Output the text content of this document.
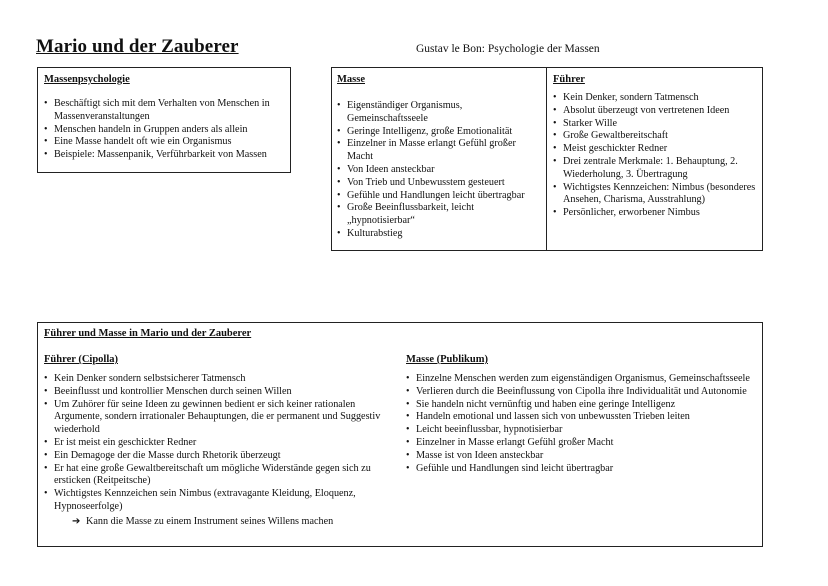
Mario und der Zauberer	Gustav le Bon: Psychologie der Massen
Massenpsychologie
• Beschäftigt sich mit dem Verhalten von Menschen in Massenveranstaltungen
• Menschen handeln in Gruppen anders als allein
• Eine Masse handelt oft wie ein Organismus
• Beispiele: Massenpanik, Verführbarkeit von Massen
Masse
• Eigenständiger Organismus, Gemeinschaftsseele
• Geringe Intelligenz, große Emotionalität
• Einzelner in Masse erlangt Gefühl großer Macht
• Von Ideen ansteckbar
• Von Trieb und Unbewusstem gesteuert
• Gefühle und Handlungen leicht übertragbar
• Große Beeinflussbarkeit, leicht „hypnotisierbar“
• Kulturabstieg
Führer
• Kein Denker, sondern Tatmensch
• Absolut überzeugt von vertretenen Ideen
• Starker Wille
• Große Gewaltbereitschaft
• Meist geschickter Redner
• Drei zentrale Merkmale: 1. Behauptung, 2. Wiederholung, 3. Übertragung
• Wichtigstes Kennzeichen: Nimbus (besonderes Ansehen, Charisma, Ausstrahlung)
• Persönlicher, erworbener Nimbus
Führer und Masse in Mario und der Zauberer
Führer (Cipolla)
• Kein Denker sondern selbstsicherer Tatmensch
• Beeinflusst und kontrollier Menschen durch seinen Willen
• Um Zuhörer für seine Ideen zu gewinnen bedient er sich keiner rationalen Argumente, sondern irrationaler Behauptungen, die er permanent und Suggestiv wiederhold
• Er ist meist ein geschickter Redner
• Ein Demagoge der die Masse durch Rhetorik überzeugt
• Er hat eine große Gewaltbereitschaft um mögliche Widerstände gegen sich zu ersticken (Reitpeitsche)
• Wichtigstes Kennzeichen sein Nimbus (extravagante Kleidung, Eloquenz, Hypnoseerfolge)
➔ Kann die Masse zu einem Instrument seines Willens machen
Masse (Publikum)
• Einzelne Menschen werden zum eigenständigen Organismus, Gemeinschaftsseele
• Verlieren durch die Beeinflussung von Cipolla ihre Individualität und Autonomie
• Sie handeln nicht vernünftig und haben eine geringe Intelligenz
• Handeln emotional und lassen sich von unbewussten Trieben leiten
• Leicht beeinflussbar, hypnotisierbar
• Einzelner in Masse erlangt Gefühl großer Macht
• Masse ist von Ideen ansteckbar
• Gefühle und Handlungen sind leicht übertragbar
